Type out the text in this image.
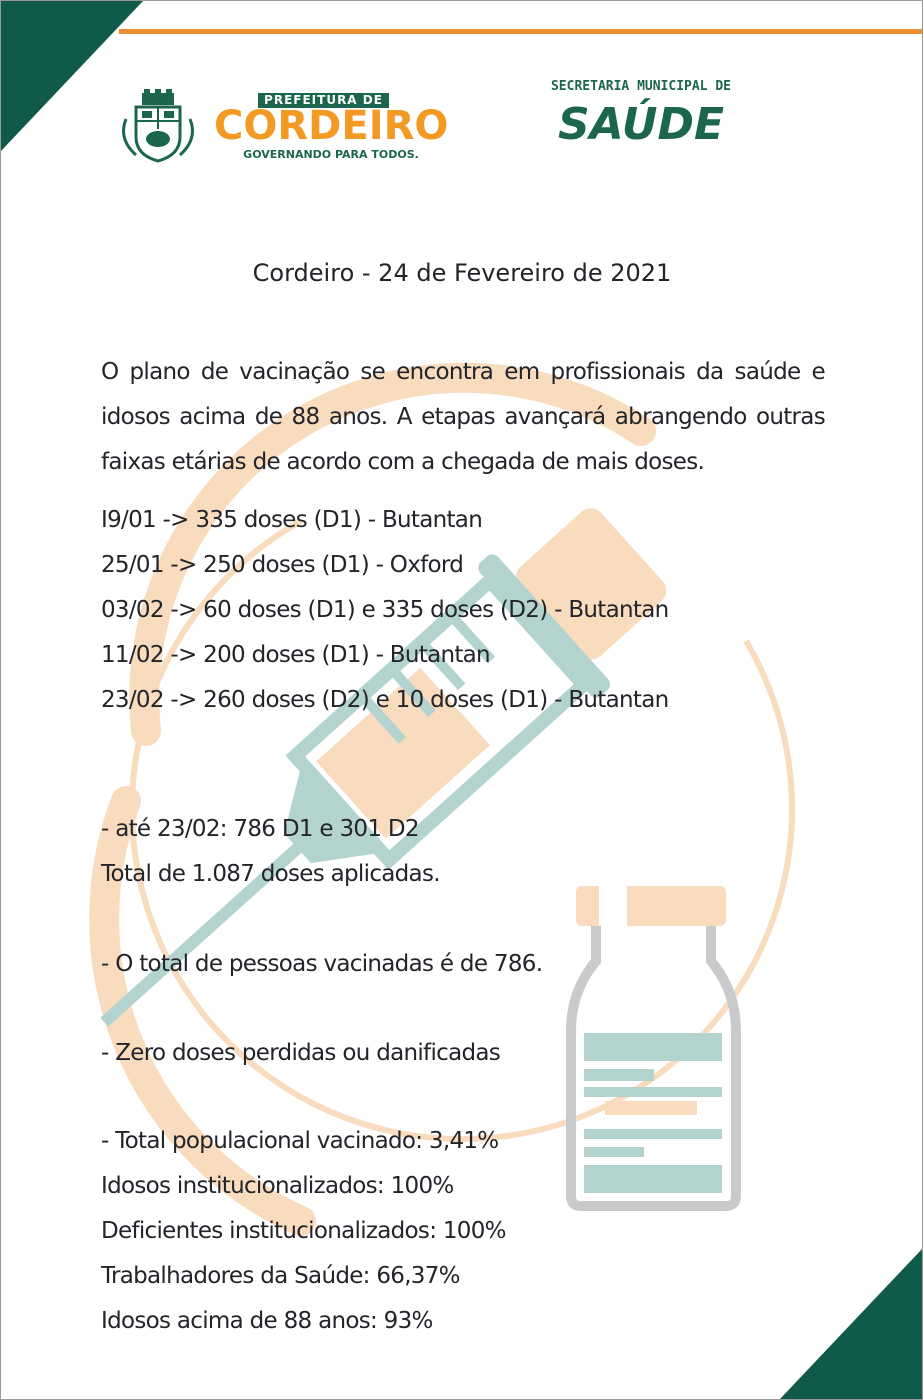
PREFEITURA DE
CORDEIRO
GOVERNANDO PARA TODOS.
SECRETARIA MUNICIPAL DE
SAÚDE
Cordeiro - 24 de Fevereiro de 2021
O plano de vacinação se encontra em profissionais da saúde e idosos acima de 88 anos. A etapas avançará abrangendo outras faixas etárias de acordo com a chegada de mais doses.
I9/01 -> 335 doses (D1) - Butantan
25/01 -> 250 doses (D1) - Oxford
03/02 -> 60 doses (D1) e 335 doses (D2) - Butantan
11/02 -> 200 doses (D1) - Butantan
23/02 -> 260 doses (D2) e 10 doses (D1) - Butantan
- até 23/02: 786 D1 e 301 D2
Total de 1.087 doses aplicadas.
- O total de pessoas vacinadas é de 786.
- Zero doses perdidas ou danificadas
- Total populacional vacinado: 3,41%
Idosos institucionalizados: 100%
Deficientes institucionalizados: 100%
Trabalhadores da Saúde: 66,37%
Idosos acima de 88 anos: 93%
